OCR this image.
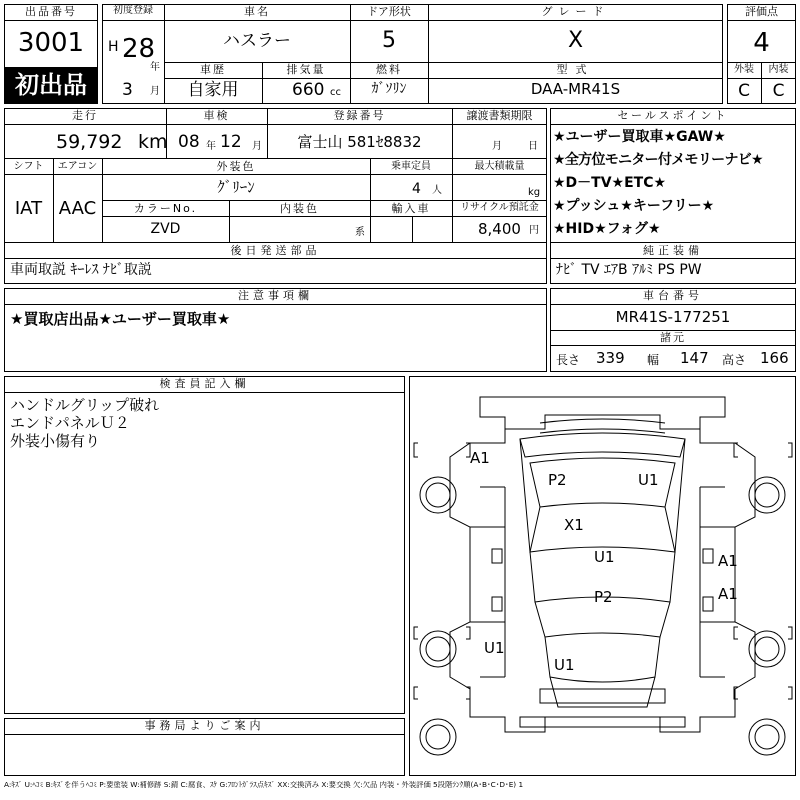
出品番号
3001
初出品
初度登録
H 28
年
3 月
車名
ハスラー
ドア形状
5
グレード
X
車歴
自家用
排気量
660 cc
燃料
ｶﾞｿﾘﾝ
型式
DAA-MR41S
評価点
4
外装	内装
C	C
走行
59,792 km
車検
08 年 12 月
登録番号
富士山 581ｾ8832
譲渡書類期限
月	日
シフト
IAT
エアコン
AAC
外装色
ｸﾞﾘｰﾝ
乗車定員
4 人
最大積載量
kg
カラーNo.
ZVD
内装色
系
輸入車	リサイクル預託金
8,400 円
後日発送部品
車両取説 ｷｰﾚｽ ﾅﾋﾞ取説
セールスポイント
★ユーザー買取車★GAW★
★全方位モニター付メモリーナビ★
★D－TV★ETC★
★プッシュ★キーフリー★
★HID★フォグ★
純正装備
ﾅﾋﾞ TV ｴｱB ｱﾙﾐ PS PW
注意事項欄
★買取店出品★ユーザー買取車★
車台番号
MR41S-177251
諸元
長さ 339 幅 147 高さ 166
検査員記入欄
ハンドルグリップ破れ
エンドパネルＵ２
外装小傷有り
事務局よりご案内
A1
P2	U1
X1
U1	A1
A1
P2
U1
U1
A:ｷｽﾞ U:ﾍｺﾐ B:ｷｽﾞを伴うﾍｺﾐ P:要塗装 W:補修跡 S:錆 C:腐食、ｽｹ G:ﾌﾛﾝﾄｶﾞﾗｽ点ｷｽﾞ XX:交換済み X:要交換 欠:欠品 内装・外装評価 5段階ﾗﾝｸ順(A･B･C･D･E) 1
